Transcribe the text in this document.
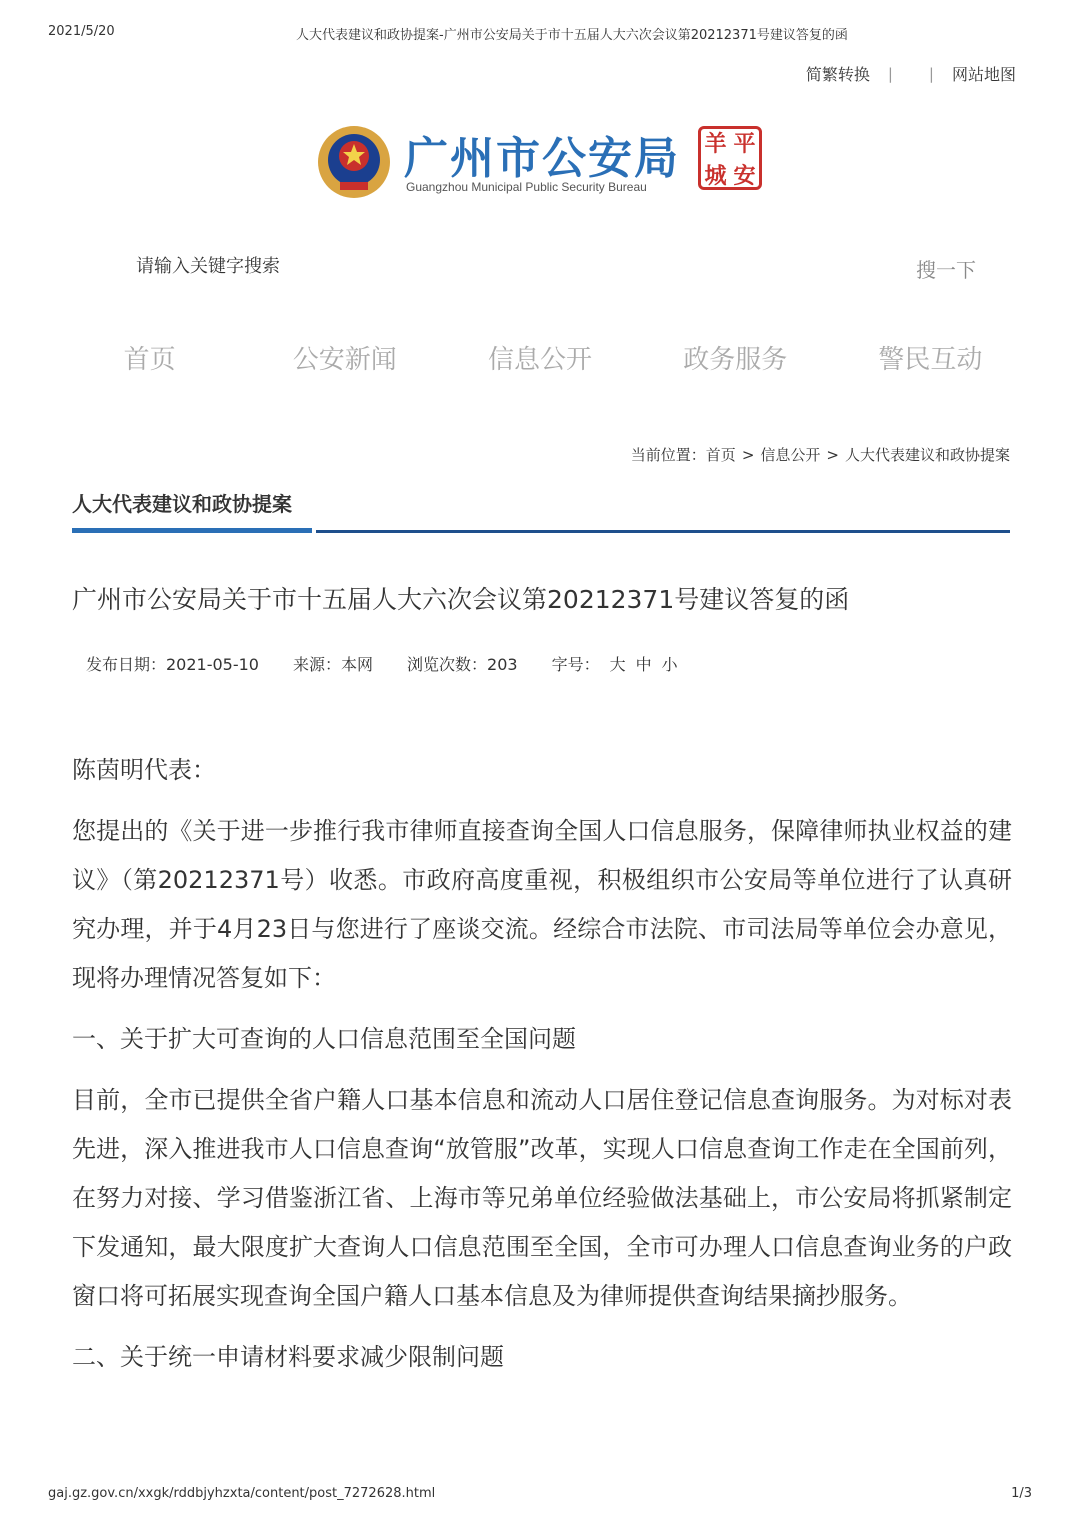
2021/5/20	人大代表建议和政协提案-广州市公安局关于市十五届人大六次会议第20212371号建议答复的函
简繁转换 | | 网站地图
广州市公安局
Guangzhou Municipal Public Security Bureau
羊 平
城 安
请输入关键字搜索
搜一下
首页	公安新闻	信息公开	政务服务	警民互动
当前位置：首页 > 信息公开 > 人大代表建议和政协提案
人大代表建议和政协提案
广州市公安局关于市十五届人大六次会议第20212371号建议答复的函
发布日期：2021-05-10 来源：本网 浏览次数：203 字号： 大 中 小

陈茵明代表：

您提出的《关于进一步推行我市律师直接查询全国人口信息服务，保障律师执业权益的建议》（第20212371号）收悉。市政府高度重视，积极组织市公安局等单位进行了认真研究办理，并于4月23日与您进行了座谈交流。经综合市法院、市司法局等单位会办意见，现将办理情况答复如下：

一、关于扩大可查询的人口信息范围至全国问题

目前，全市已提供全省户籍人口基本信息和流动人口居住登记信息查询服务。为对标对表先进，深入推进我市人口信息查询“放管服”改革，实现人口信息查询工作走在全国前列，在努力对接、学习借鉴浙江省、上海市等兄弟单位经验做法基础上，市公安局将抓紧制定下发通知，最大限度扩大查询人口信息范围至全国，全市可办理人口信息查询业务的户政窗口将可拓展实现查询全国户籍人口基本信息及为律师提供查询结果摘抄服务。

二、关于统一申请材料要求减少限制问题

gaj.gz.gov.cn/xxgk/rddbjyhzxta/content/post_7272628.html	1/3
